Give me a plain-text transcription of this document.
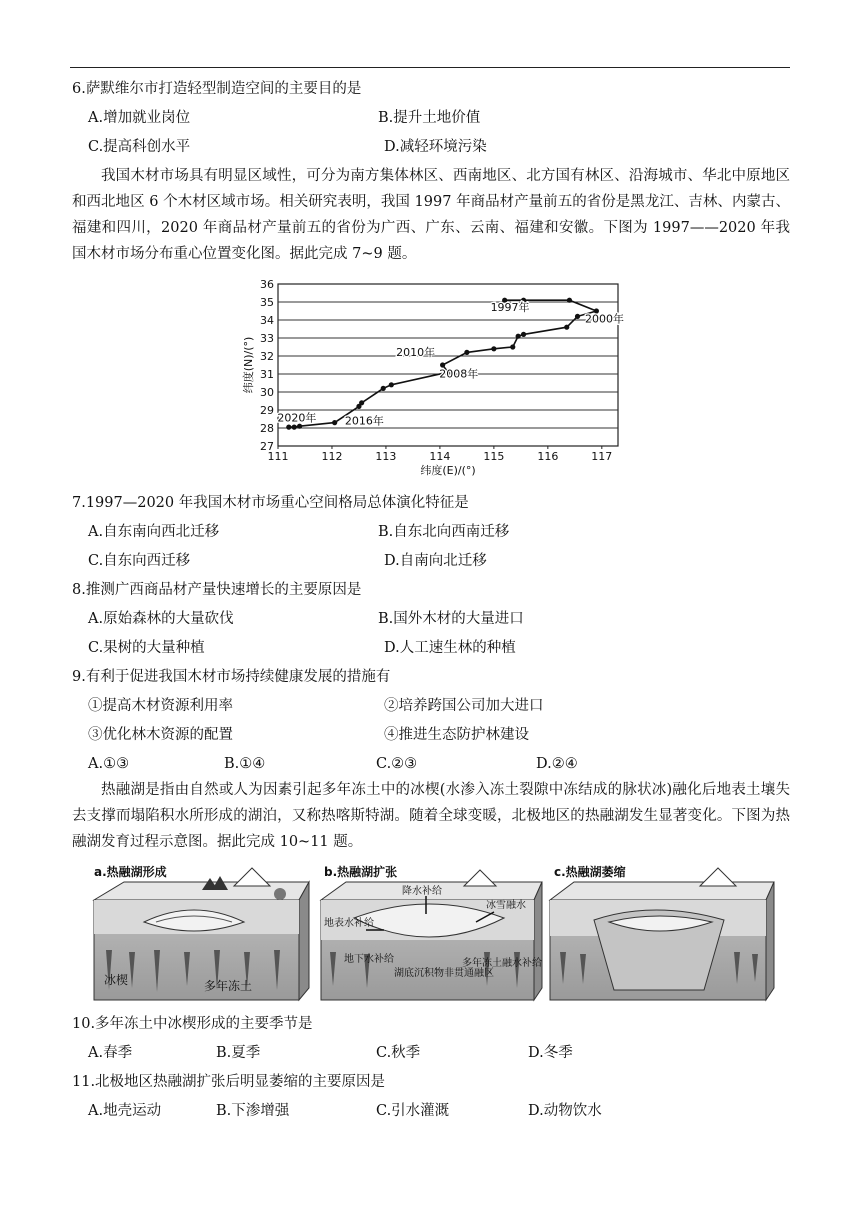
6.萨默维尔市打造轻型制造空间的主要目的是
A.增加就业岗位	B.提升土地价值
C.提高科创水平	D.减轻环境污染
我国木材市场具有明显区域性，可分为南方集体林区、西南地区、北方国有林区、沿海城市、华北中原地区和西北地区 6 个木材区域市场。相关研究表明，我国 1997 年商品材产量前五的省份是黑龙江、吉林、内蒙古、福建和四川，2020 年商品材产量前五的省份为广西、广东、云南、福建和安徽。下图为 1997——2020 年我国木材市场分布重心位置变化图。据此完成 7~9 题。
27
28
29
30
31
32
33
34
35
36
111	112	113	114	115	116	117
纬度(E)/(°)
纬度(N)/(°)
1997年
2000年
2010年
2008年
2016年
2020年
7.1997—2020 年我国木材市场重心空间格局总体演化特征是
A.自东南向西北迁移	B.自东北向西南迁移
C.自东向西迁移	D.自南向北迁移
8.推测广西商品材产量快速增长的主要原因是
A.原始森林的大量砍伐	B.国外木材的大量进口
C.果树的大量种植	D.人工速生林的种植
9.有利于促进我国木材市场持续健康发展的措施有
①提高木材资源利用率	②培养跨国公司加大进口
③优化林木资源的配置	④推进生态防护林建设
A.①③	B.①④	C.②③	D.②④
热融湖是指由自然或人为因素引起多年冻土中的冰楔(水渗入冻土裂隙中冻结成的脉状冰)融化后地表土壤失去支撑而塌陷积水所形成的湖泊，又称热喀斯特湖。随着全球变暖，北极地区的热融湖发生显著变化。下图为热融湖发育过程示意图。据此完成 10~11 题。
a.热融湖形成
冰楔	多年冻土
b.热融湖扩张
降水补给
冰雪融水
地表水补给
地下水补给
湖底沉积物非贯通融区
多年冻土融水补给
c.热融湖萎缩
10.多年冻土中冰楔形成的主要季节是
A.春季	B.夏季	C.秋季	D.冬季
11.北极地区热融湖扩张后明显萎缩的主要原因是
A.地壳运动	B.下渗增强	C.引水灌溉	D.动物饮水
